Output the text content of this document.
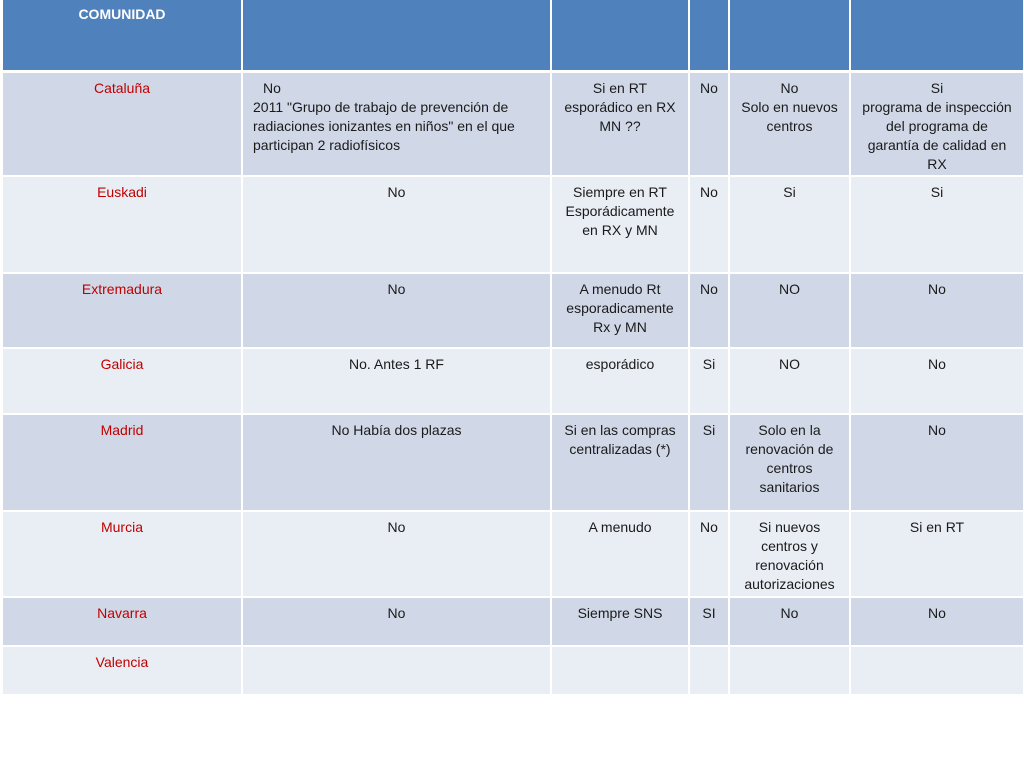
COMUNIDAD					
Cataluña	No
2011 "Grupo de trabajo de prevención de
radiaciones ionizantes en niños" en el que
participan 2 radiofísicos	Si en RT
esporádico en RX
MN ??	No	No
Solo en nuevos
centros	Si
programa de inspección
del programa de
garantía de calidad en
RX

Euskadi	No	Siempre en RT
Esporádicamente
en RX y MN	No	Si	Si

Extremadura	No	A menudo Rt
esporadicamente
Rx y MN	No	NO	No

Galicia	No. Antes 1 RF	esporádico	Si	NO	No

Madrid	No Había dos plazas	Si en las compras
centralizadas (*)	Si	Solo en la
renovación de
centros
sanitarios	No

Murcia	No	A menudo	No	Si nuevos
centros y
renovación
autorizaciones	Si en RT

Navarra	No	Siempre SNS	SI	No	No

Valencia	
